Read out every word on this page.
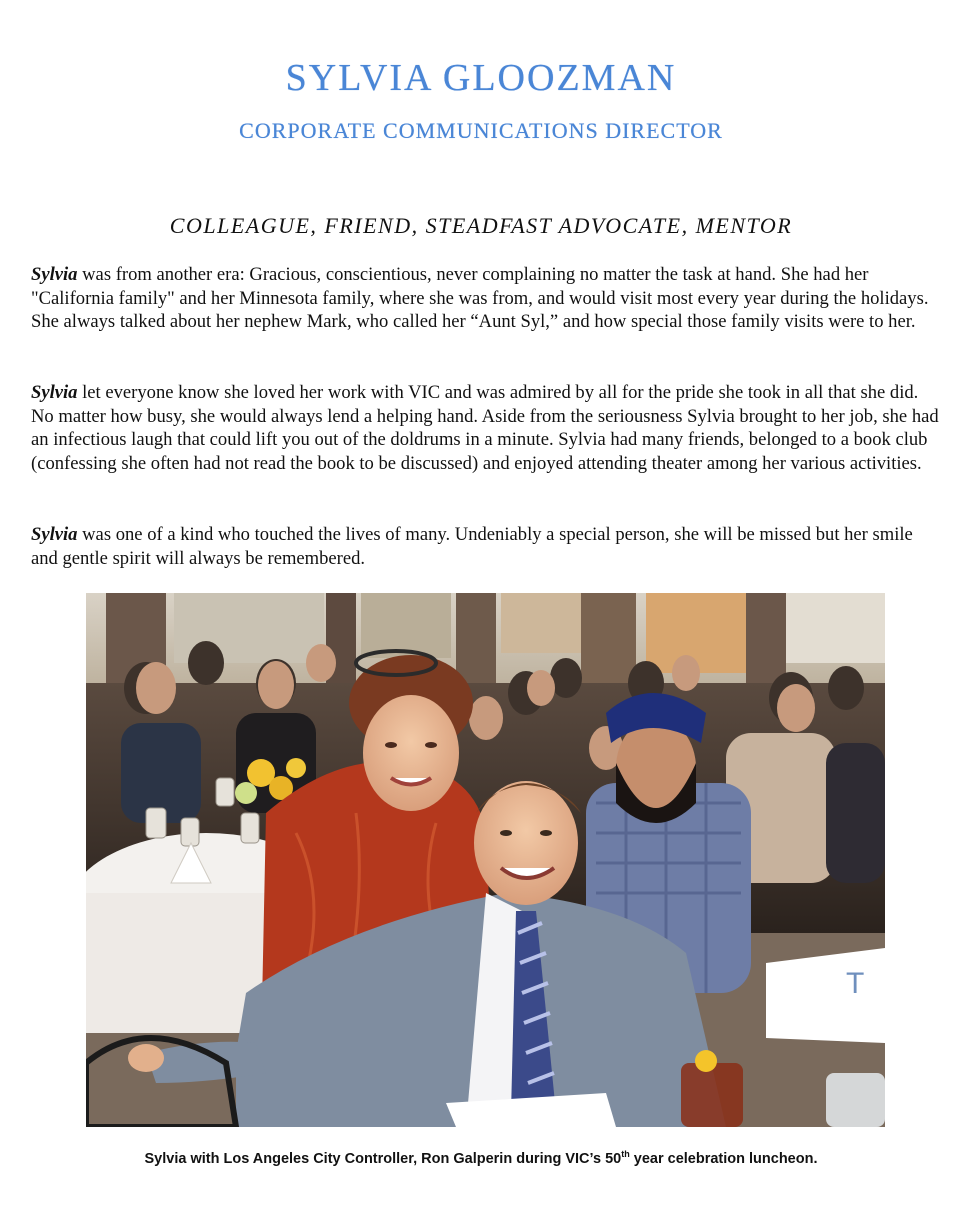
SYLVIA GLOOZMAN
CORPORATE COMMUNICATIONS DIRECTOR
COLLEAGUE, FRIEND, STEADFAST ADVOCATE, MENTOR

Sylvia was from another era: Gracious, conscientious, never complaining no matter the task at hand. She had her "California family" and her Minnesota family, where she was from, and would visit most every year during the holidays. She always talked about her nephew Mark, who called her “Aunt Syl,” and how special those family visits were to her.

Sylvia let everyone know she loved her work with VIC and was admired by all for the pride she took in all that she did. No matter how busy, she would always lend a helping hand. Aside from the seriousness Sylvia brought to her job, she had an infectious laugh that could lift you out of the doldrums in a minute. Sylvia had many friends, belonged to a book club (confessing she often had not read the book to be discussed) and enjoyed attending theater among her various activities.

Sylvia was one of a kind who touched the lives of many. Undeniably a special person, she will be missed but her smile and gentle spirit will always be remembered.

T

Sylvia with Los Angeles City Controller, Ron Galperin during VIC’s 50th year celebration luncheon.
